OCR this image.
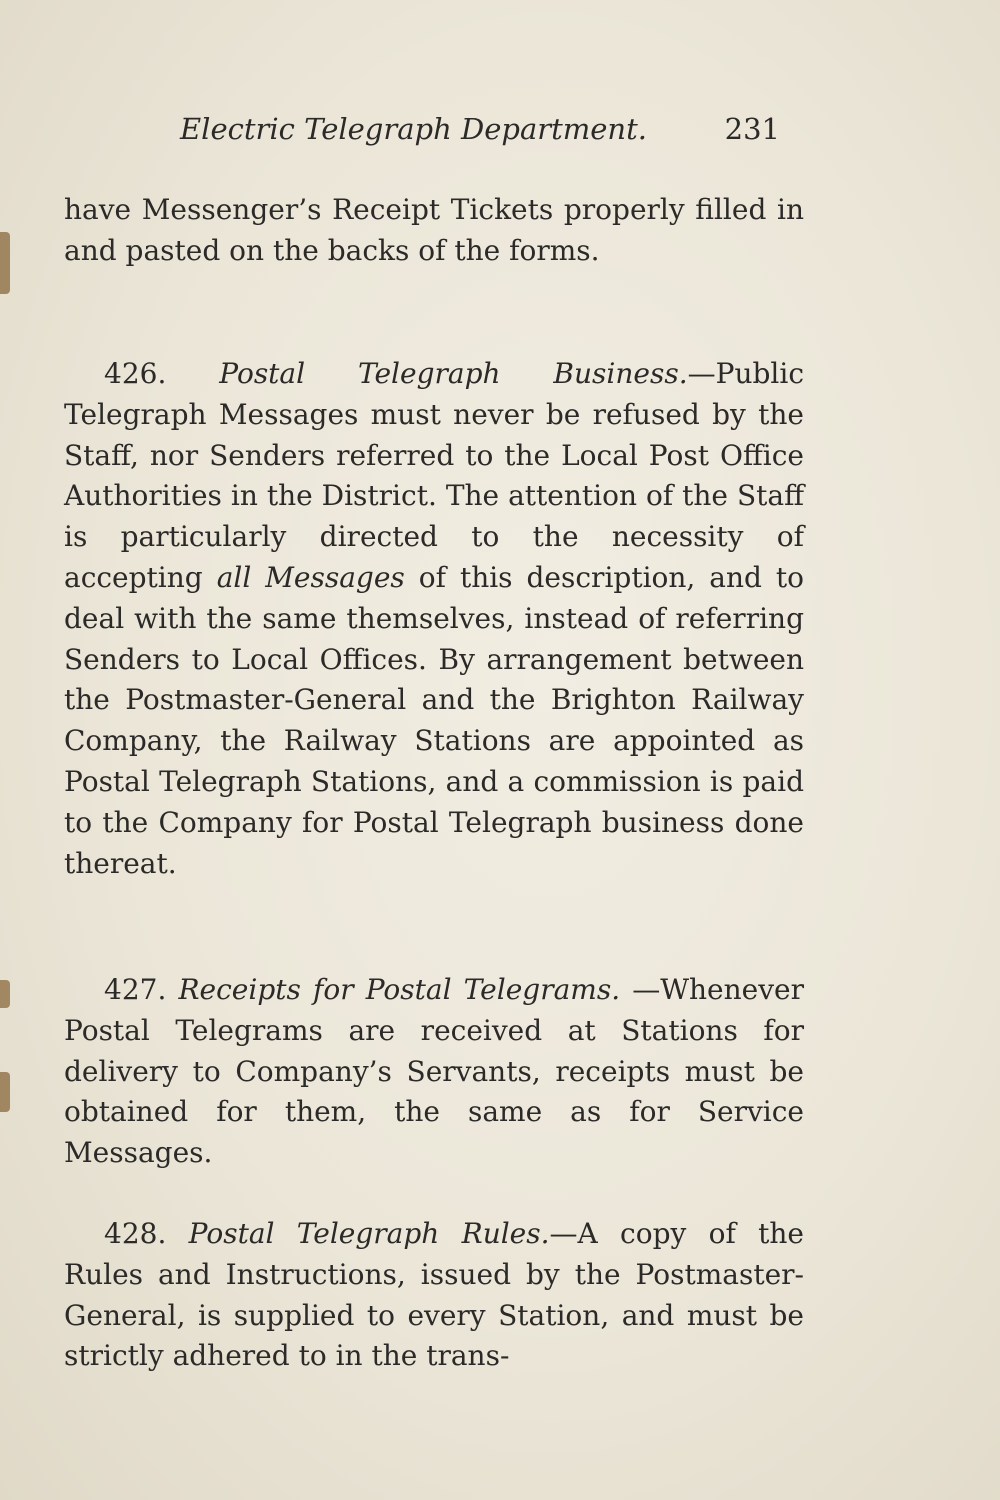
Electric Telegraph Department.	231

have Messenger’s Receipt Tickets properly filled in and pasted on the backs of the forms.

426. Postal Telegraph Business.—Public Telegraph Messages must never be refused by the Staff, nor Senders referred to the Local Post Office Authorities in the District. The attention of the Staff is particularly directed to the necessity of accepting all Messages of this description, and to deal with the same themselves, instead of referring Senders to Local Offices. By arrangement between the Postmaster-General and the Brighton Railway Company, the Railway Stations are appointed as Postal Telegraph Stations, and a commission is paid to the Company for Postal Telegraph business done thereat.

427. Receipts for Postal Telegrams. —Whenever Postal Telegrams are received at Stations for delivery to Company’s Servants, receipts must be obtained for them, the same as for Service Messages.

428. Postal Telegraph Rules.—A copy of the Rules and Instructions, issued by the Postmaster-General, is supplied to every Station, and must be strictly adhered to in the trans-
